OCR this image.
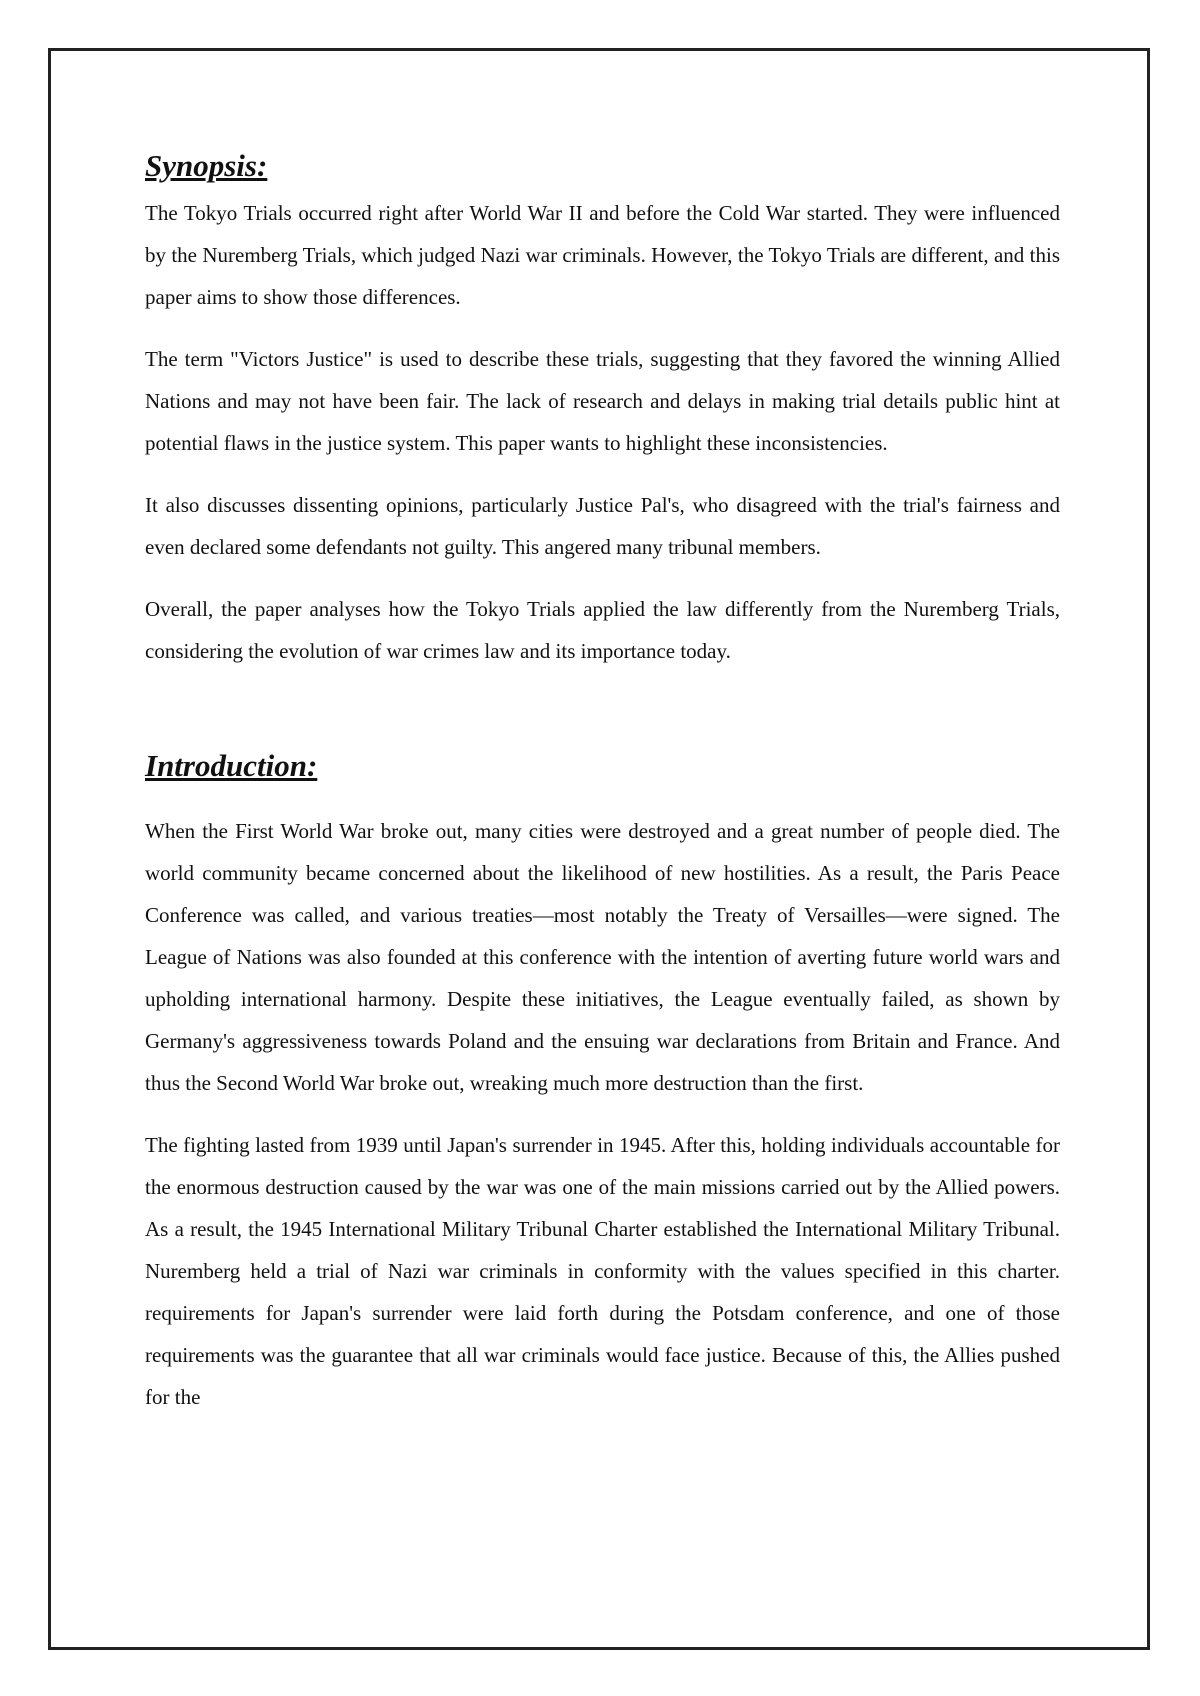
Synopsis:

The Tokyo Trials occurred right after World War II and before the Cold War started. They were influenced by the Nuremberg Trials, which judged Nazi war criminals. However, the Tokyo Trials are different, and this paper aims to show those differences.

The term "Victors Justice" is used to describe these trials, suggesting that they favored the winning Allied Nations and may not have been fair. The lack of research and delays in making trial details public hint at potential flaws in the justice system. This paper wants to highlight these inconsistencies.

It also discusses dissenting opinions, particularly Justice Pal's, who disagreed with the trial's fairness and even declared some defendants not guilty. This angered many tribunal members.

Overall, the paper analyses how the Tokyo Trials applied the law differently from the Nuremberg Trials, considering the evolution of war crimes law and its importance today.

Introduction:

When the First World War broke out, many cities were destroyed and a great number of people died. The world community became concerned about the likelihood of new hostilities. As a result, the Paris Peace Conference was called, and various treaties—most notably the Treaty of Versailles—were signed. The League of Nations was also founded at this conference with the intention of averting future world wars and upholding international harmony. Despite these initiatives, the League eventually failed, as shown by Germany's aggressiveness towards Poland and the ensuing war declarations from Britain and France. And thus the Second World War broke out, wreaking much more destruction than the first.

The fighting lasted from 1939 until Japan's surrender in 1945. After this, holding individuals accountable for the enormous destruction caused by the war was one of the main missions carried out by the Allied powers. As a result, the 1945 International Military Tribunal Charter established the International Military Tribunal. Nuremberg held a trial of Nazi war criminals in conformity with the values specified in this charter. requirements for Japan's surrender were laid forth during the Potsdam conference, and one of those requirements was the guarantee that all war criminals would face justice. Because of this, the Allies pushed for the
